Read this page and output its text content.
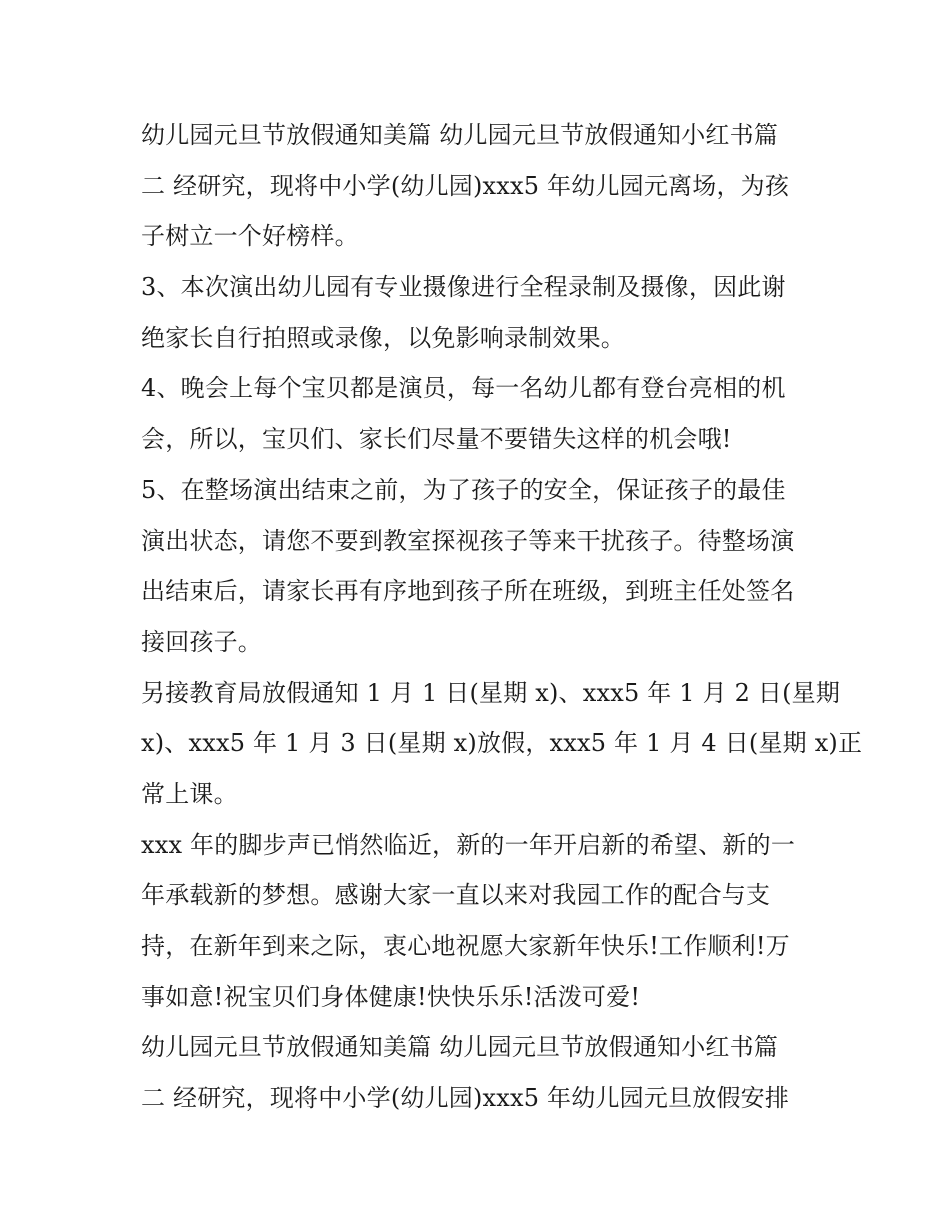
幼儿园元旦节放假通知美篇 幼儿园元旦节放假通知小红书篇
二 经研究，现将中小学(幼儿园)xxx5 年幼儿园元离场，为孩
子树立一个好榜样。
3、本次演出幼儿园有专业摄像进行全程录制及摄像，因此谢
绝家长自行拍照或录像，以免影响录制效果。
4、晚会上每个宝贝都是演员，每一名幼儿都有登台亮相的机
会，所以，宝贝们、家长们尽量不要错失这样的机会哦!
5、在整场演出结束之前，为了孩子的安全，保证孩子的最佳
演出状态，请您不要到教室探视孩子等来干扰孩子。待整场演
出结束后，请家长再有序地到孩子所在班级，到班主任处签名
接回孩子。
另接教育局放假通知 1 月 1 日(星期 x)、xxx5 年 1 月 2 日(星期
x)、xxx5 年 1 月 3 日(星期 x)放假，xxx5 年 1 月 4 日(星期 x)正
常上课。
xxx 年的脚步声已悄然临近，新的一年开启新的希望、新的一
年承载新的梦想。感谢大家一直以来对我园工作的配合与支
持，在新年到来之际，衷心地祝愿大家新年快乐!工作顺利!万
事如意!祝宝贝们身体健康!快快乐乐!活泼可爱!
幼儿园元旦节放假通知美篇 幼儿园元旦节放假通知小红书篇
二 经研究，现将中小学(幼儿园)xxx5 年幼儿园元旦放假安排
